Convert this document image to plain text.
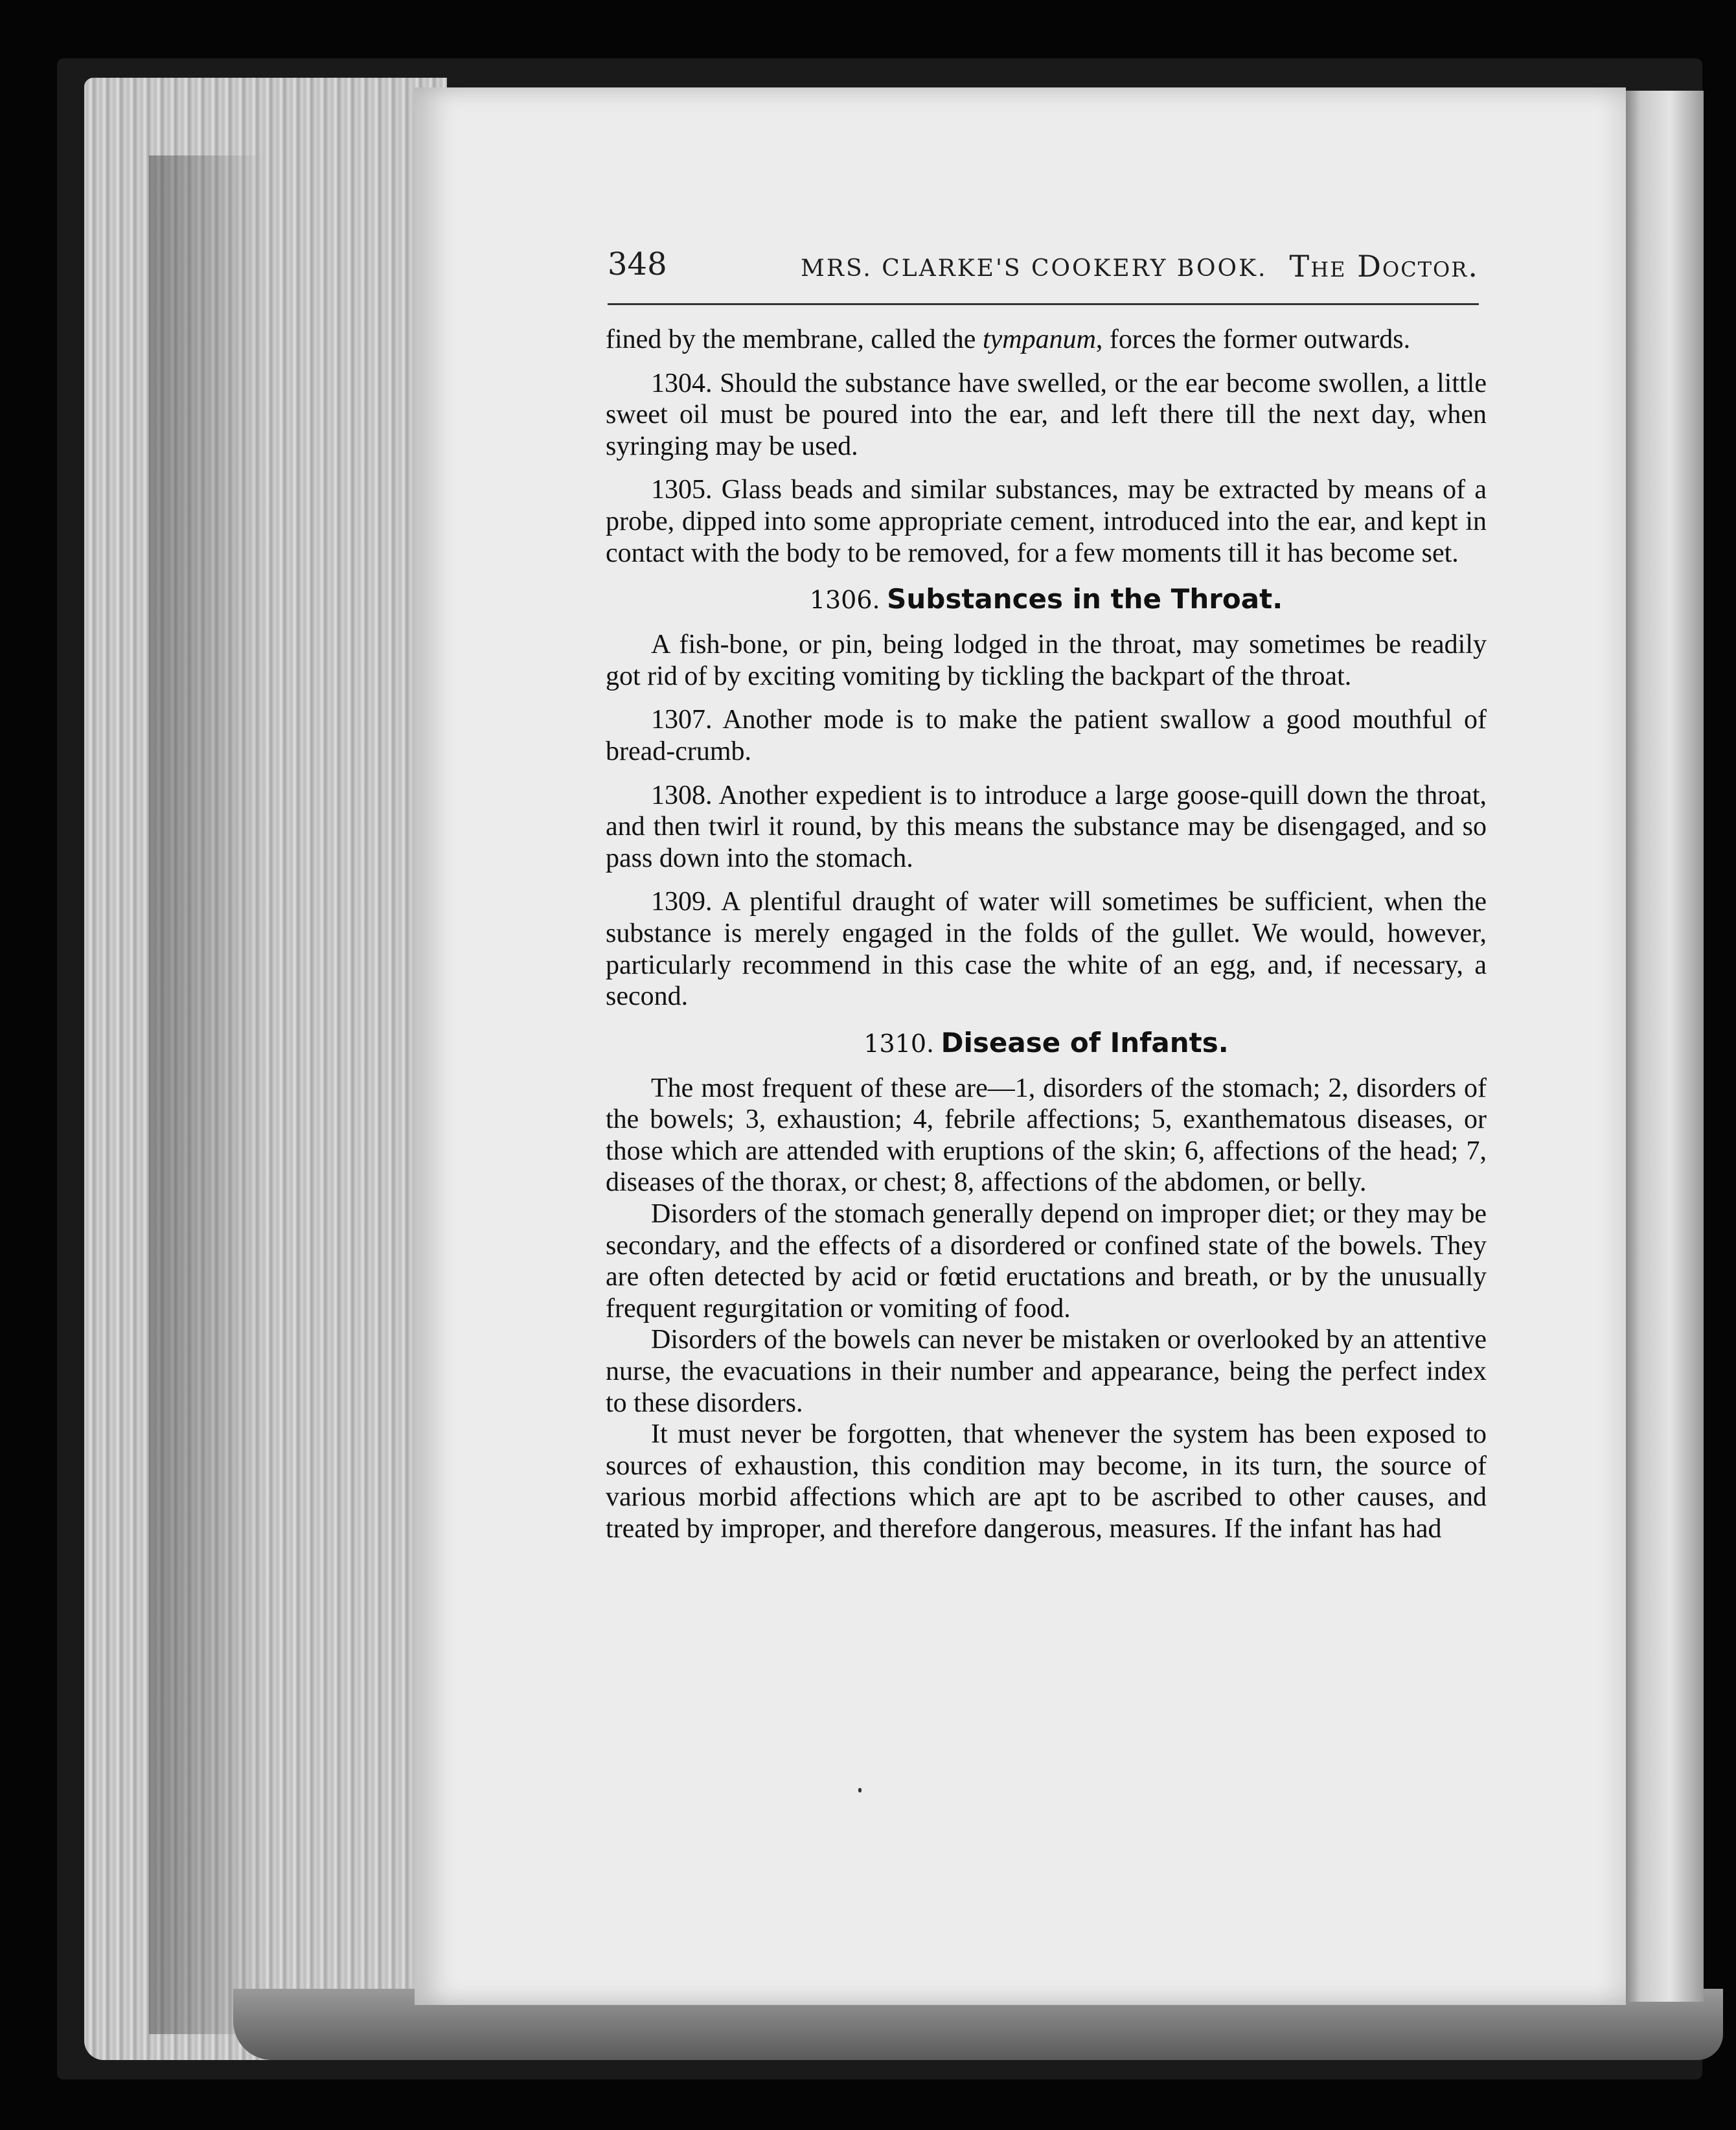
348	MRS. CLARKE'S COOKERY BOOK. The Doctor.

fined by the membrane, called the tympanum, forces the former outwards.

1304. Should the substance have swelled, or the ear become swollen, a little sweet oil must be poured into the ear, and left there till the next day, when syringing may be used.

1305. Glass beads and similar substances, may be extracted by means of a probe, dipped into some appropriate cement, introduced into the ear, and kept in contact with the body to be removed, for a few moments till it has become set.

1306. Substances in the Throat.

A fish-bone, or pin, being lodged in the throat, may sometimes be readily got rid of by exciting vomiting by tickling the backpart of the throat.

1307. Another mode is to make the patient swallow a good mouthful of bread-crumb.

1308. Another expedient is to introduce a large goose-quill down the throat, and then twirl it round, by this means the substance may be disengaged, and so pass down into the stomach.

1309. A plentiful draught of water will sometimes be sufficient, when the substance is merely engaged in the folds of the gullet. We would, however, particularly recommend in this case the white of an egg, and, if necessary, a second.

1310. Disease of Infants.

The most frequent of these are—1, disorders of the stomach; 2, disorders of the bowels; 3, exhaustion; 4, febrile affections; 5, exanthematous diseases, or those which are attended with eruptions of the skin; 6, affections of the head; 7, diseases of the thorax, or chest; 8, affections of the abdomen, or belly.

Disorders of the stomach generally depend on improper diet; or they may be secondary, and the effects of a disordered or confined state of the bowels. They are often detected by acid or fœtid eructations and breath, or by the unusually frequent regurgitation or vomiting of food.

Disorders of the bowels can never be mistaken or overlooked by an attentive nurse, the evacuations in their number and appearance, being the perfect index to these disorders.

It must never be forgotten, that whenever the system has been exposed to sources of exhaustion, this condition may become, in its turn, the source of various morbid affections which are apt to be ascribed to other causes, and treated by improper, and therefore dangerous, measures. If the infant has had
